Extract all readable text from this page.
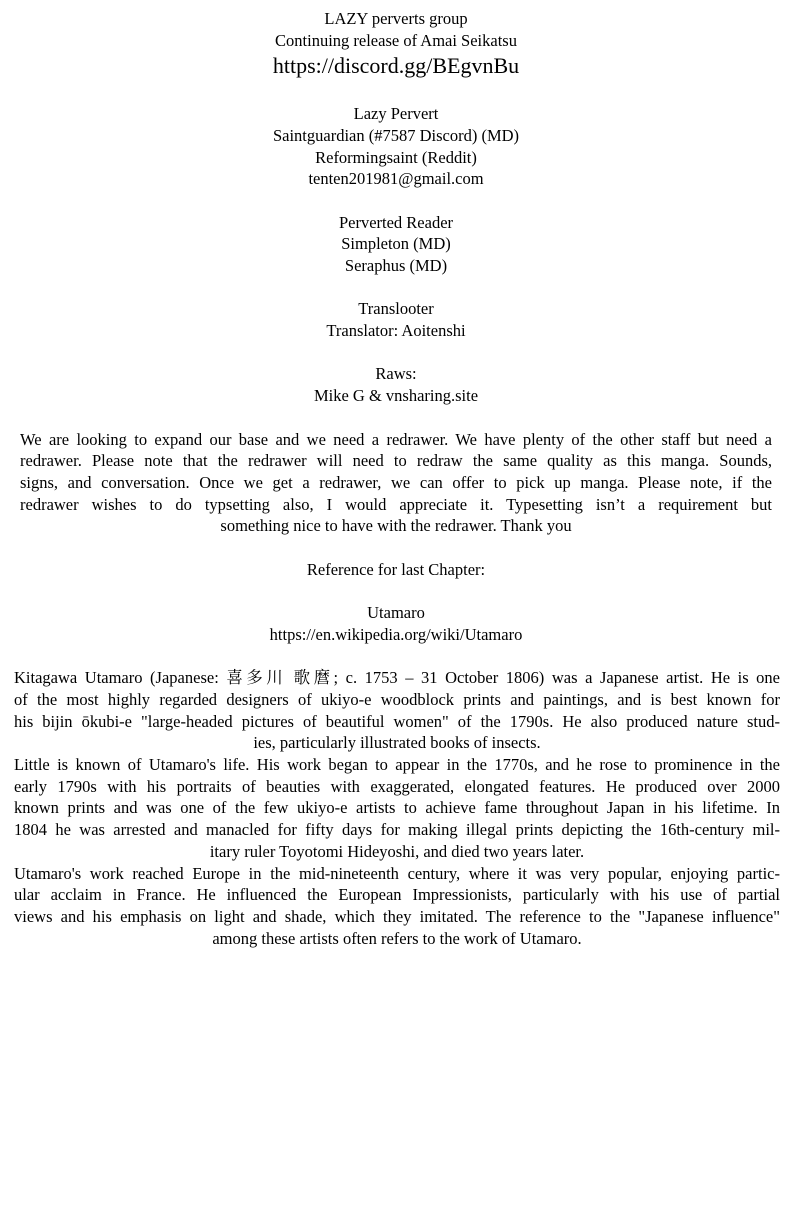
LAZY perverts group
Continuing release of Amai Seikatsu
https://discord.gg/BEgvnBu
Lazy Pervert
Saintguardian (#7587 Discord) (MD)
Reformingsaint (Reddit)
tenten201981@gmail.com
Perverted Reader
Simpleton (MD)
Seraphus (MD)
Translooter
Translator: Aoitenshi
Raws:
Mike G & vnsharing.site
We are looking to expand our base and we need a redrawer. We have plenty of the other staff but need a
redrawer. Please note that the redrawer will need to redraw the same quality as this manga. Sounds,
signs, and conversation. Once we get a redrawer, we can offer to pick up manga. Please note, if the
redrawer wishes to do typsetting also, I would appreciate it. Typesetting isn’t a requirement but
something nice to have with the redrawer. Thank you
Reference for last Chapter:
Utamaro
https://en.wikipedia.org/wiki/Utamaro
Kitagawa Utamaro (Japanese: 喜多川 歌麿; c. 1753 – 31 October 1806) was a Japanese artist. He is one
of the most highly regarded designers of ukiyo-e woodblock prints and paintings, and is best known for
his bijin ōkubi-e "large-headed pictures of beautiful women" of the 1790s. He also produced nature stud-
ies, particularly illustrated books of insects.
Little is known of Utamaro's life. His work began to appear in the 1770s, and he rose to prominence in the
early 1790s with his portraits of beauties with exaggerated, elongated features. He produced over 2000
known prints and was one of the few ukiyo-e artists to achieve fame throughout Japan in his lifetime. In
1804 he was arrested and manacled for fifty days for making illegal prints depicting the 16th-century mil-
itary ruler Toyotomi Hideyoshi, and died two years later.
Utamaro's work reached Europe in the mid-nineteenth century, where it was very popular, enjoying partic-
ular acclaim in France. He influenced the European Impressionists, particularly with his use of partial
views and his emphasis on light and shade, which they imitated. The reference to the "Japanese influence"
among these artists often refers to the work of Utamaro.
